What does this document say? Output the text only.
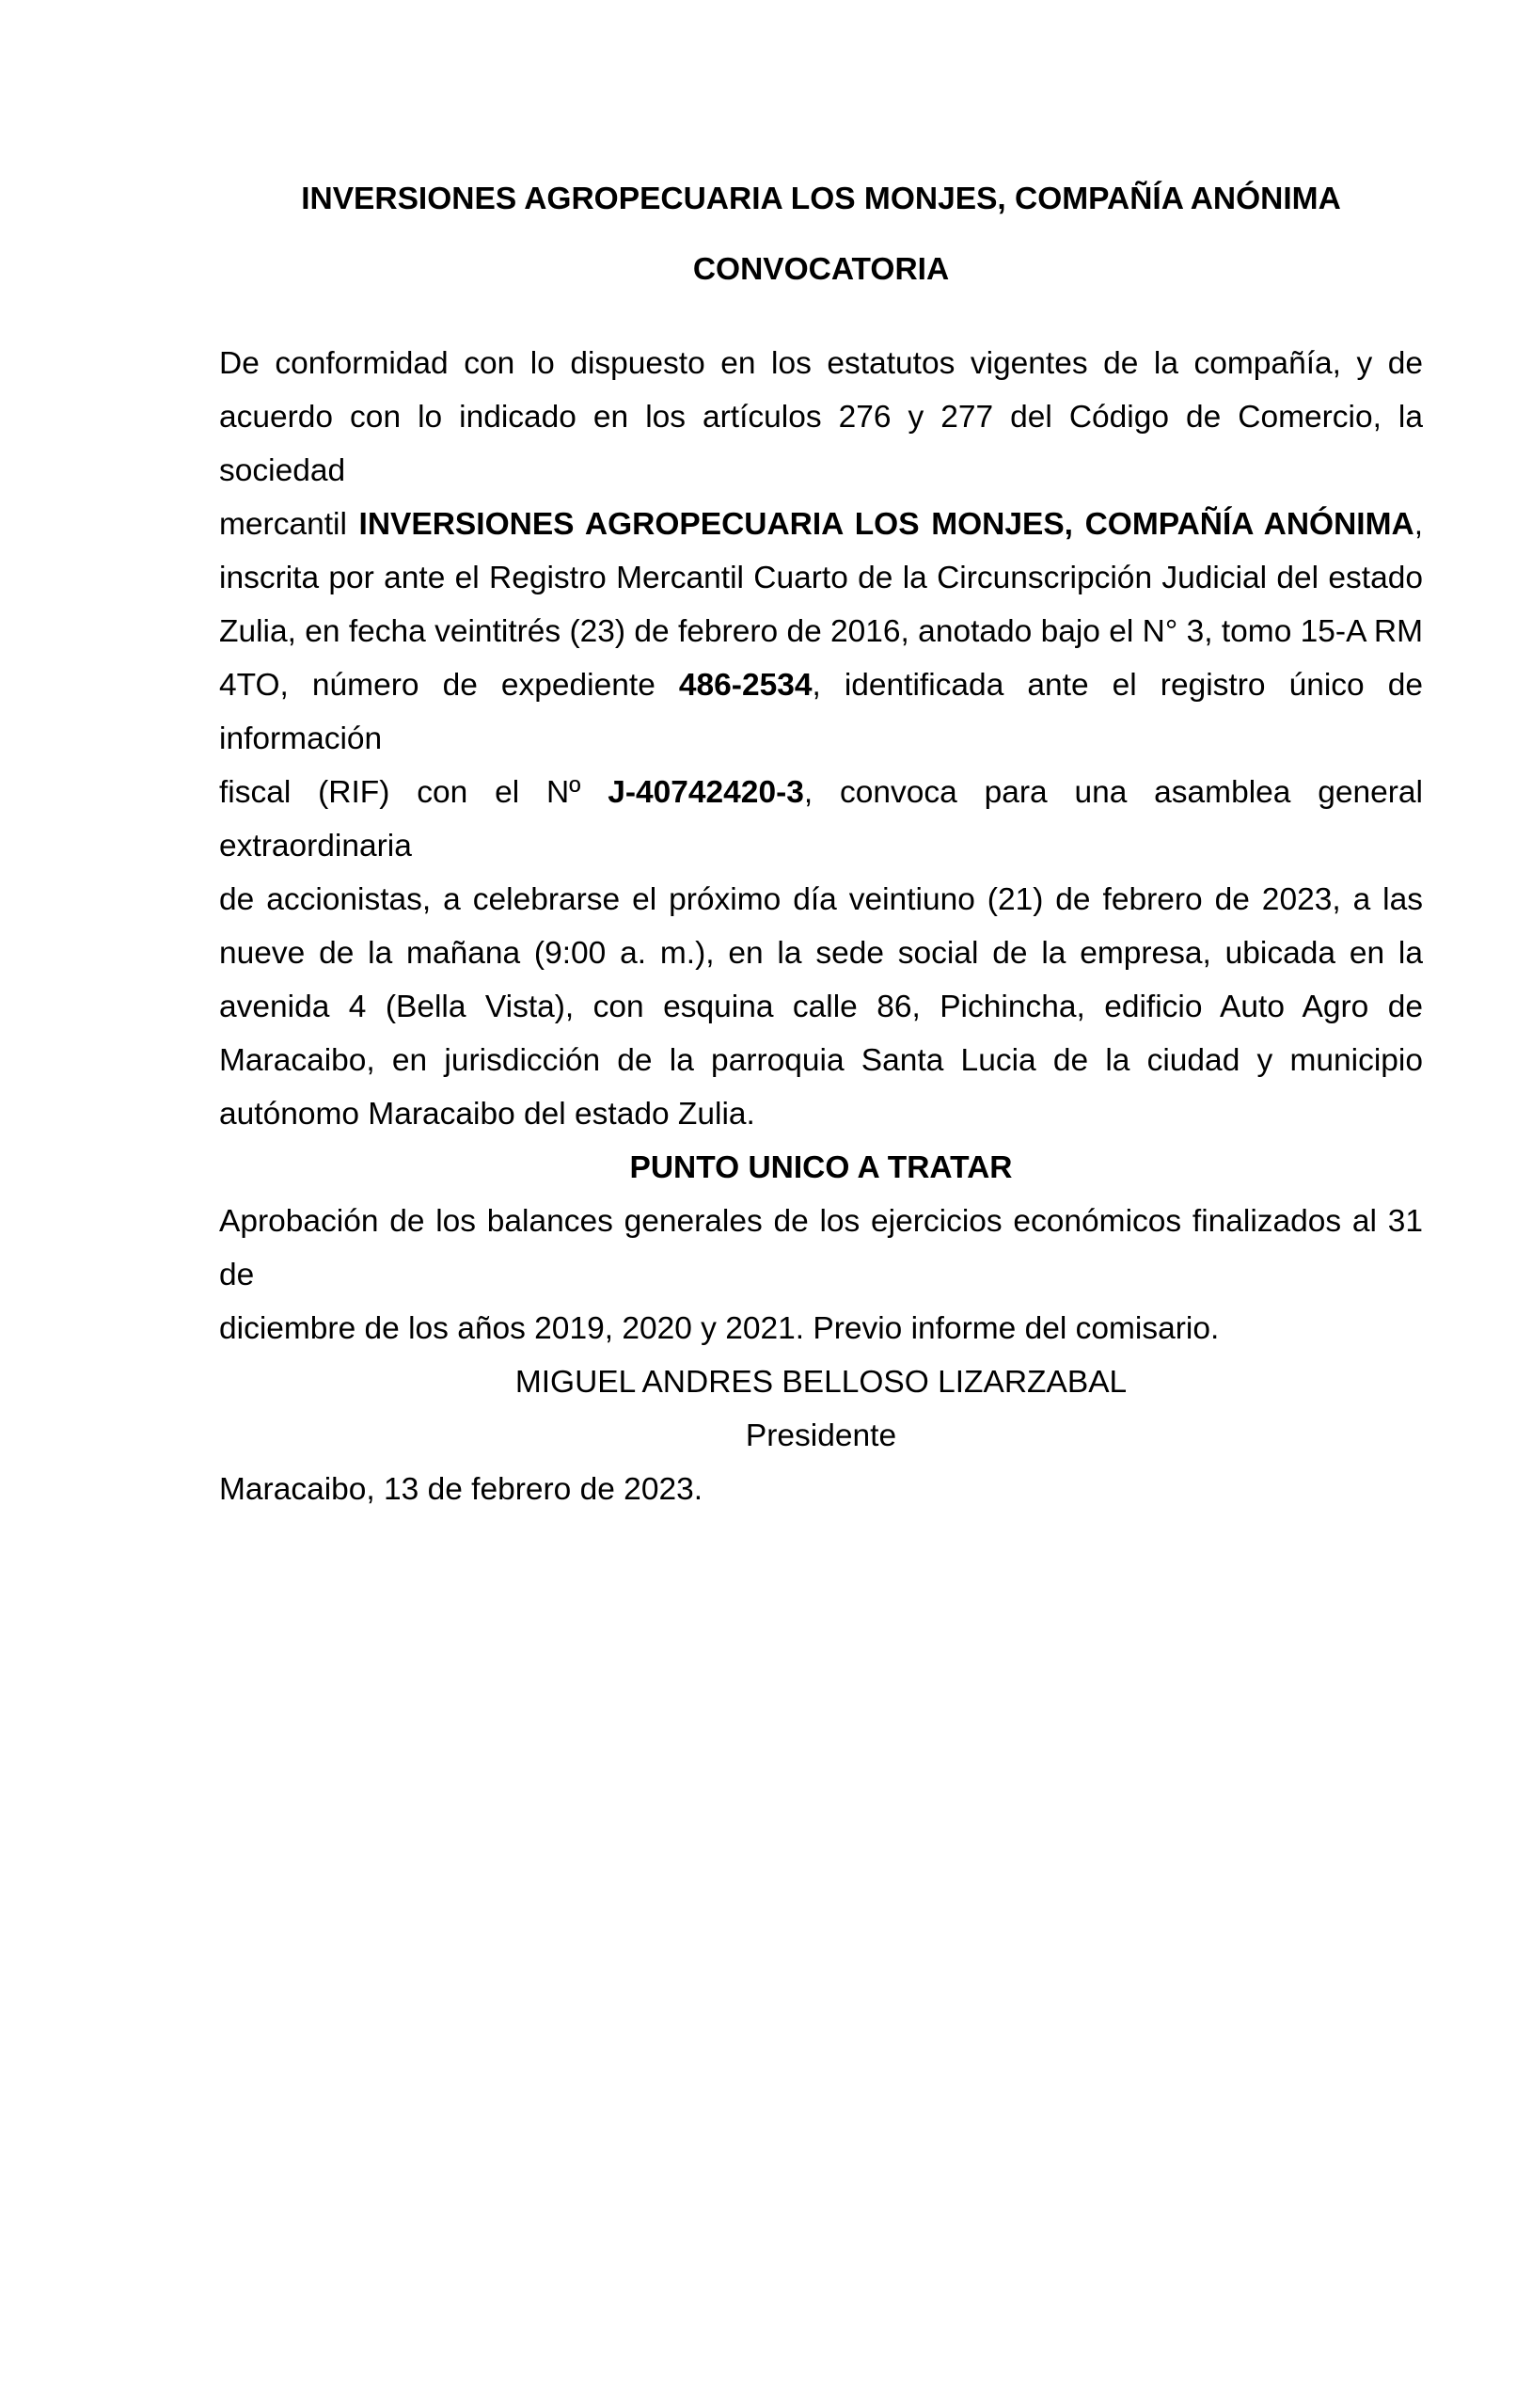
INVERSIONES AGROPECUARIA LOS MONJES, COMPAÑÍA ANÓNIMA
CONVOCATORIA
De conformidad con lo dispuesto en los estatutos vigentes de la compañía, y de
acuerdo con lo indicado en los artículos 276 y 277 del Código de Comercio, la sociedad
mercantil INVERSIONES AGROPECUARIA LOS MONJES, COMPAÑÍA ANÓNIMA,
inscrita por ante el Registro Mercantil Cuarto de la Circunscripción Judicial del estado
Zulia, en fecha veintitrés (23) de febrero de 2016, anotado bajo el N° 3, tomo 15-A RM
4TO, número de expediente 486-2534, identificada ante el registro único de información
fiscal (RIF) con el Nº J-40742420-3, convoca para una asamblea general extraordinaria
de accionistas, a celebrarse el próximo día veintiuno (21) de febrero de 2023, a las
nueve de la mañana (9:00 a. m.), en la sede social de la empresa, ubicada en la
avenida 4 (Bella Vista), con esquina calle 86, Pichincha, edificio Auto Agro de
Maracaibo, en jurisdicción de la parroquia Santa Lucia de la ciudad y municipio
autónomo Maracaibo del estado Zulia.
PUNTO UNICO A TRATAR
Aprobación de los balances generales de los ejercicios económicos finalizados al 31 de
diciembre de los años 2019, 2020 y 2021. Previo informe del comisario.
MIGUEL ANDRES BELLOSO LIZARZABAL
Presidente
Maracaibo, 13 de febrero de 2023.
